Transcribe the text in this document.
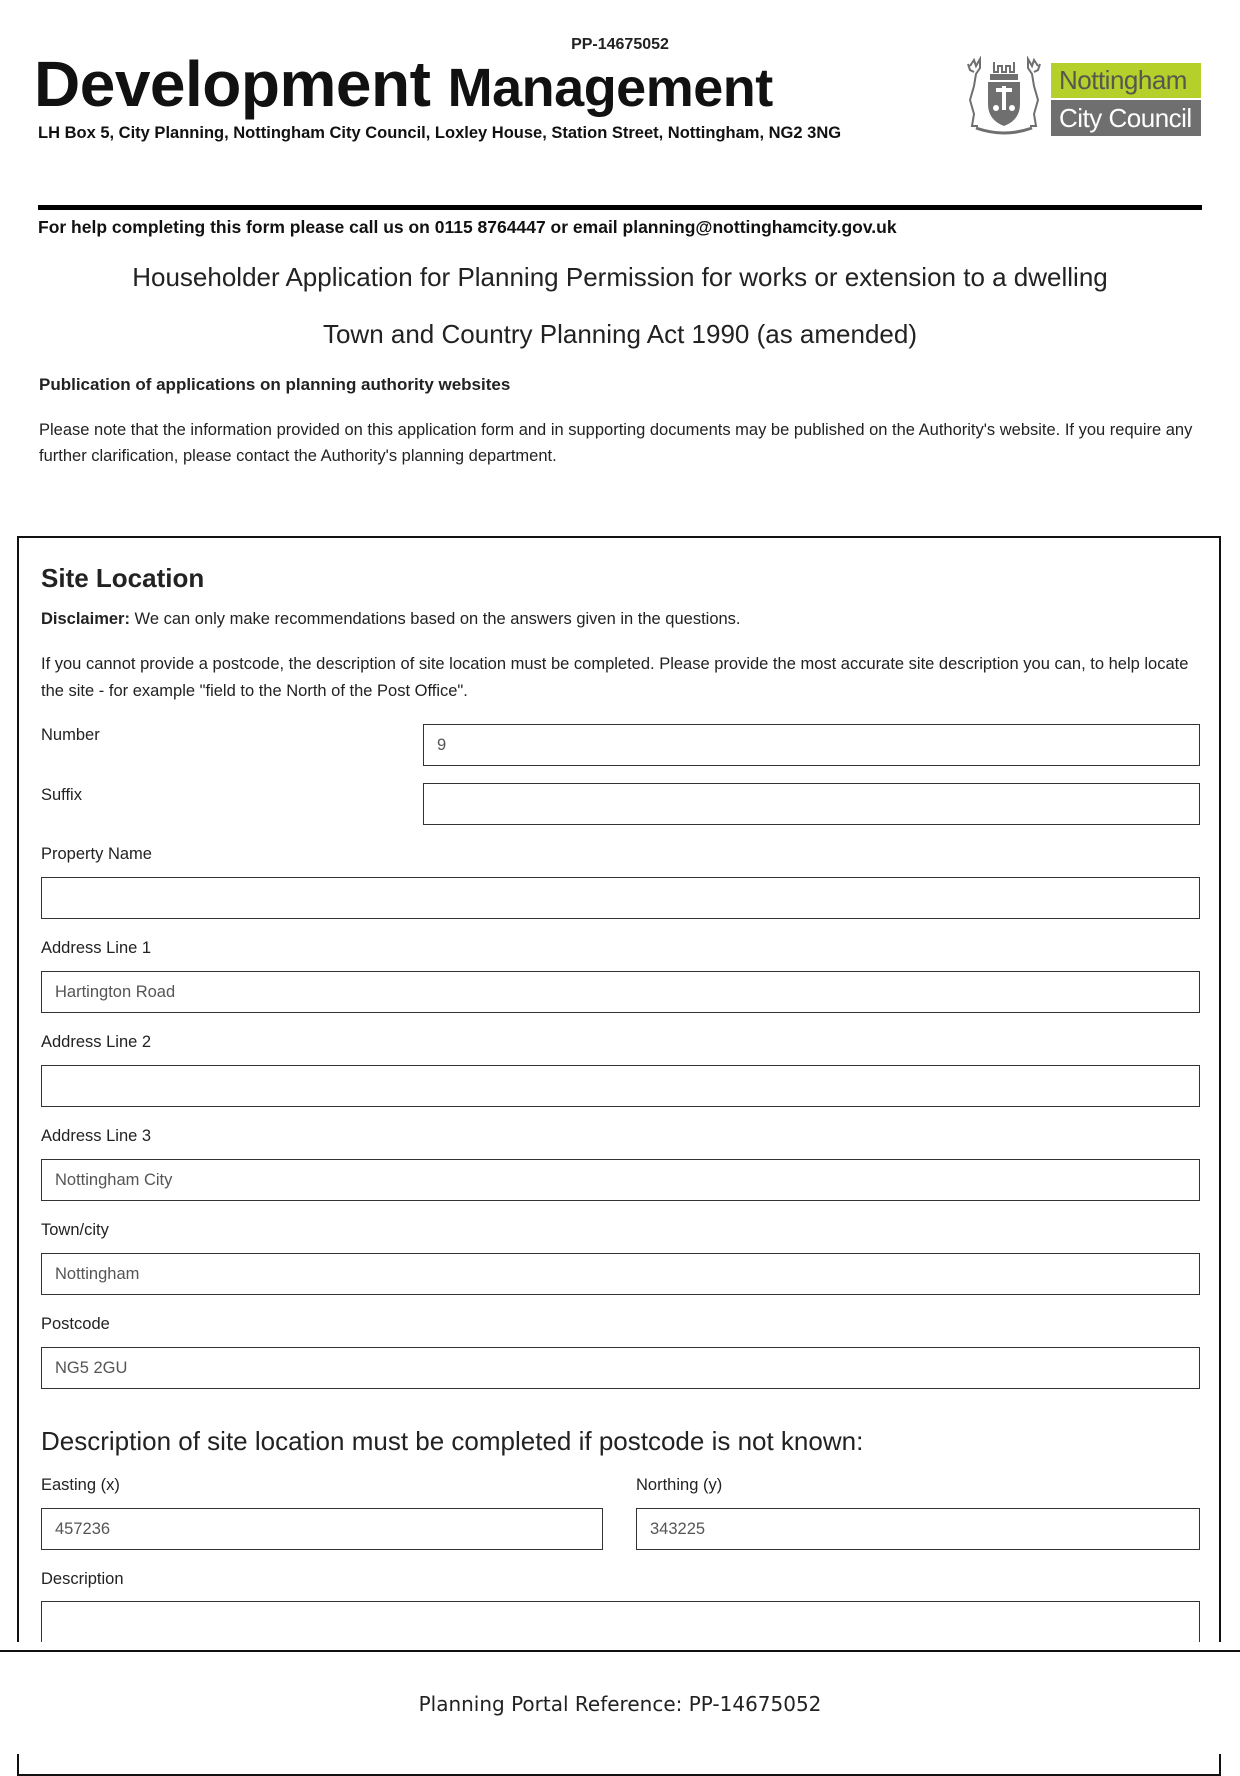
PP-14675052
Development Management
LH Box 5, City Planning, Nottingham City Council, Loxley House, Station Street, Nottingham, NG2 3NG
Nottingham
City Council
For help completing this form please call us on 0115 8764447 or email planning@nottinghamcity.gov.uk
Householder Application for Planning Permission for works or extension to a dwelling
Town and Country Planning Act 1990 (as amended)
Publication of applications on planning authority websites
Please note that the information provided on this application form and in supporting documents may be published on the Authority's website. If you require any further clarification, please contact the Authority's planning department.
Site Location
Disclaimer: We can only make recommendations based on the answers given in the questions.
If you cannot provide a postcode, the description of site location must be completed. Please provide the most accurate site description you can, to help locate the site - for example "field to the North of the Post Office".
Number
9
Suffix
Property Name
Address Line 1
Hartington Road
Address Line 2
Address Line 3
Nottingham City
Town/city
Nottingham
Postcode
NG5 2GU
Description of site location must be completed if postcode is not known:
Easting (x)
457236	Northing (y)
343225
Description
Planning Portal Reference: PP-14675052
